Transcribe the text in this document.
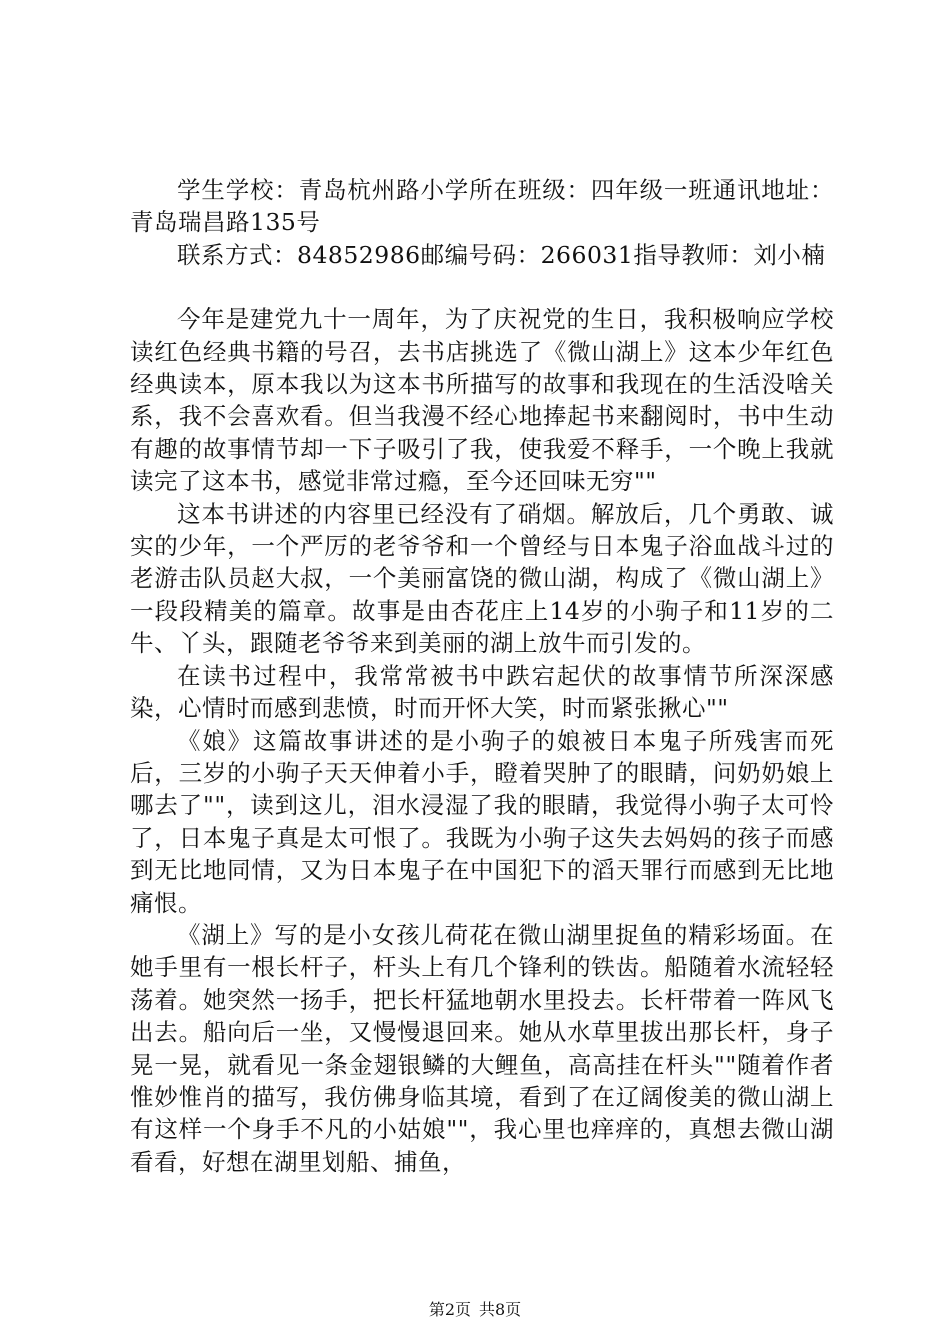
学生学校：青岛杭州路小学所在班级：四年级一班通讯地址：青岛瑞昌路135号

联系方式：84852986邮编号码：266031指导教师：刘小楠

今年是建党九十一周年，为了庆祝党的生日，我积极响应学校读红色经典书籍的号召，去书店挑选了《微山湖上》这本少年红色经典读本，原本我以为这本书所描写的故事和我现在的生活没啥关系，我不会喜欢看。但当我漫不经心地捧起书来翻阅时，书中生动有趣的故事情节却一下子吸引了我，使我爱不释手，一个晚上我就读完了这本书，感觉非常过瘾，至今还回味无穷""

这本书讲述的内容里已经没有了硝烟。解放后，几个勇敢、诚实的少年，一个严厉的老爷爷和一个曾经与日本鬼子浴血战斗过的老游击队员赵大叔，一个美丽富饶的微山湖，构成了《微山湖上》一段段精美的篇章。故事是由杏花庄上14岁的小驹子和11岁的二牛、丫头，跟随老爷爷来到美丽的湖上放牛而引发的。

在读书过程中，我常常被书中跌宕起伏的故事情节所深深感染，心情时而感到悲愤，时而开怀大笑，时而紧张揪心""

《娘》这篇故事讲述的是小驹子的娘被日本鬼子所残害而死后，三岁的小驹子天天伸着小手，瞪着哭肿了的眼睛，问奶奶娘上哪去了""，读到这儿，泪水浸湿了我的眼睛，我觉得小驹子太可怜了，日本鬼子真是太可恨了。我既为小驹子这失去妈妈的孩子而感到无比地同情，又为日本鬼子在中国犯下的滔天罪行而感到无比地痛恨。

《湖上》写的是小女孩儿荷花在微山湖里捉鱼的精彩场面。在她手里有一根长杆子，杆头上有几个锋利的铁齿。船随着水流轻轻荡着。她突然一扬手，把长杆猛地朝水里投去。长杆带着一阵风飞出去。船向后一坐，又慢慢退回来。她从水草里拔出那长杆，身子晃一晃，就看见一条金翅银鳞的大鲤鱼，高高挂在杆头""随着作者惟妙惟肖的描写，我仿佛身临其境，看到了在辽阔俊美的微山湖上有这样一个身手不凡的小姑娘""，我心里也痒痒的，真想去微山湖看看，好想在湖里划船、捕鱼，

第2页 共8页
